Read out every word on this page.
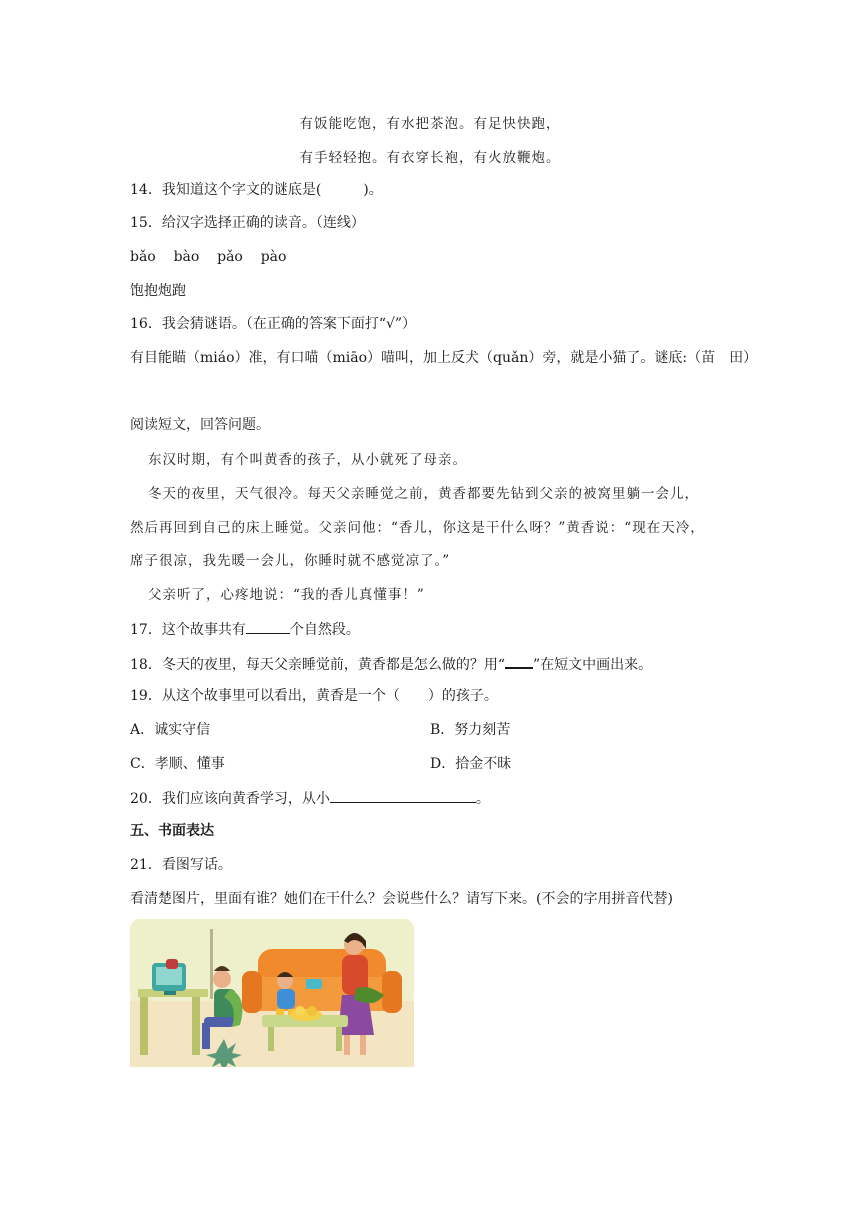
有饭能吃饱，有水把茶泡。有足快快跑，
有手轻轻抱。有衣穿长袍，有火放鞭炮。
14．我知道这个字文的谜底是(　　　)。
15．给汉字选择正确的读音。（连线）
bǎo bào pǎo pào
饱抱炮跑
16．我会猜谜语。（在正确的答案下面打“√”）
有目能瞄（miáo）准，有口喵（miāo）喵叫，加上反犬（quǎn）旁，就是小猫了。谜底:（苗　田）
阅读短文，回答问题。
东汉时期，有个叫黄香的孩子，从小就死了母亲。
冬天的夜里，天气很冷。每天父亲睡觉之前，黄香都要先钻到父亲的被窝里躺一会儿，
然后再回到自己的床上睡觉。父亲问他：“香儿，你这是干什么呀？”黄香说：“现在天冷，
席子很凉，我先暖一会儿，你睡时就不感觉凉了。”
父亲听了，心疼地说：“我的香儿真懂事！”
17．这个故事共有	个自然段。
18．冬天的夜里，每天父亲睡觉前，黄香都是怎么做的？用“ ”在短文中画出来。
19．从这个故事里可以看出，黄香是一个（　　）的孩子。
A．诚实守信	B．努力刻苦
C．孝顺、懂事	D．拾金不昧
20．我们应该向黄香学习，从小	。
五、书面表达
21．看图写话。
看清楚图片，里面有谁？她们在干什么？会说些什么？请写下来。(不会的字用拼音代替)
